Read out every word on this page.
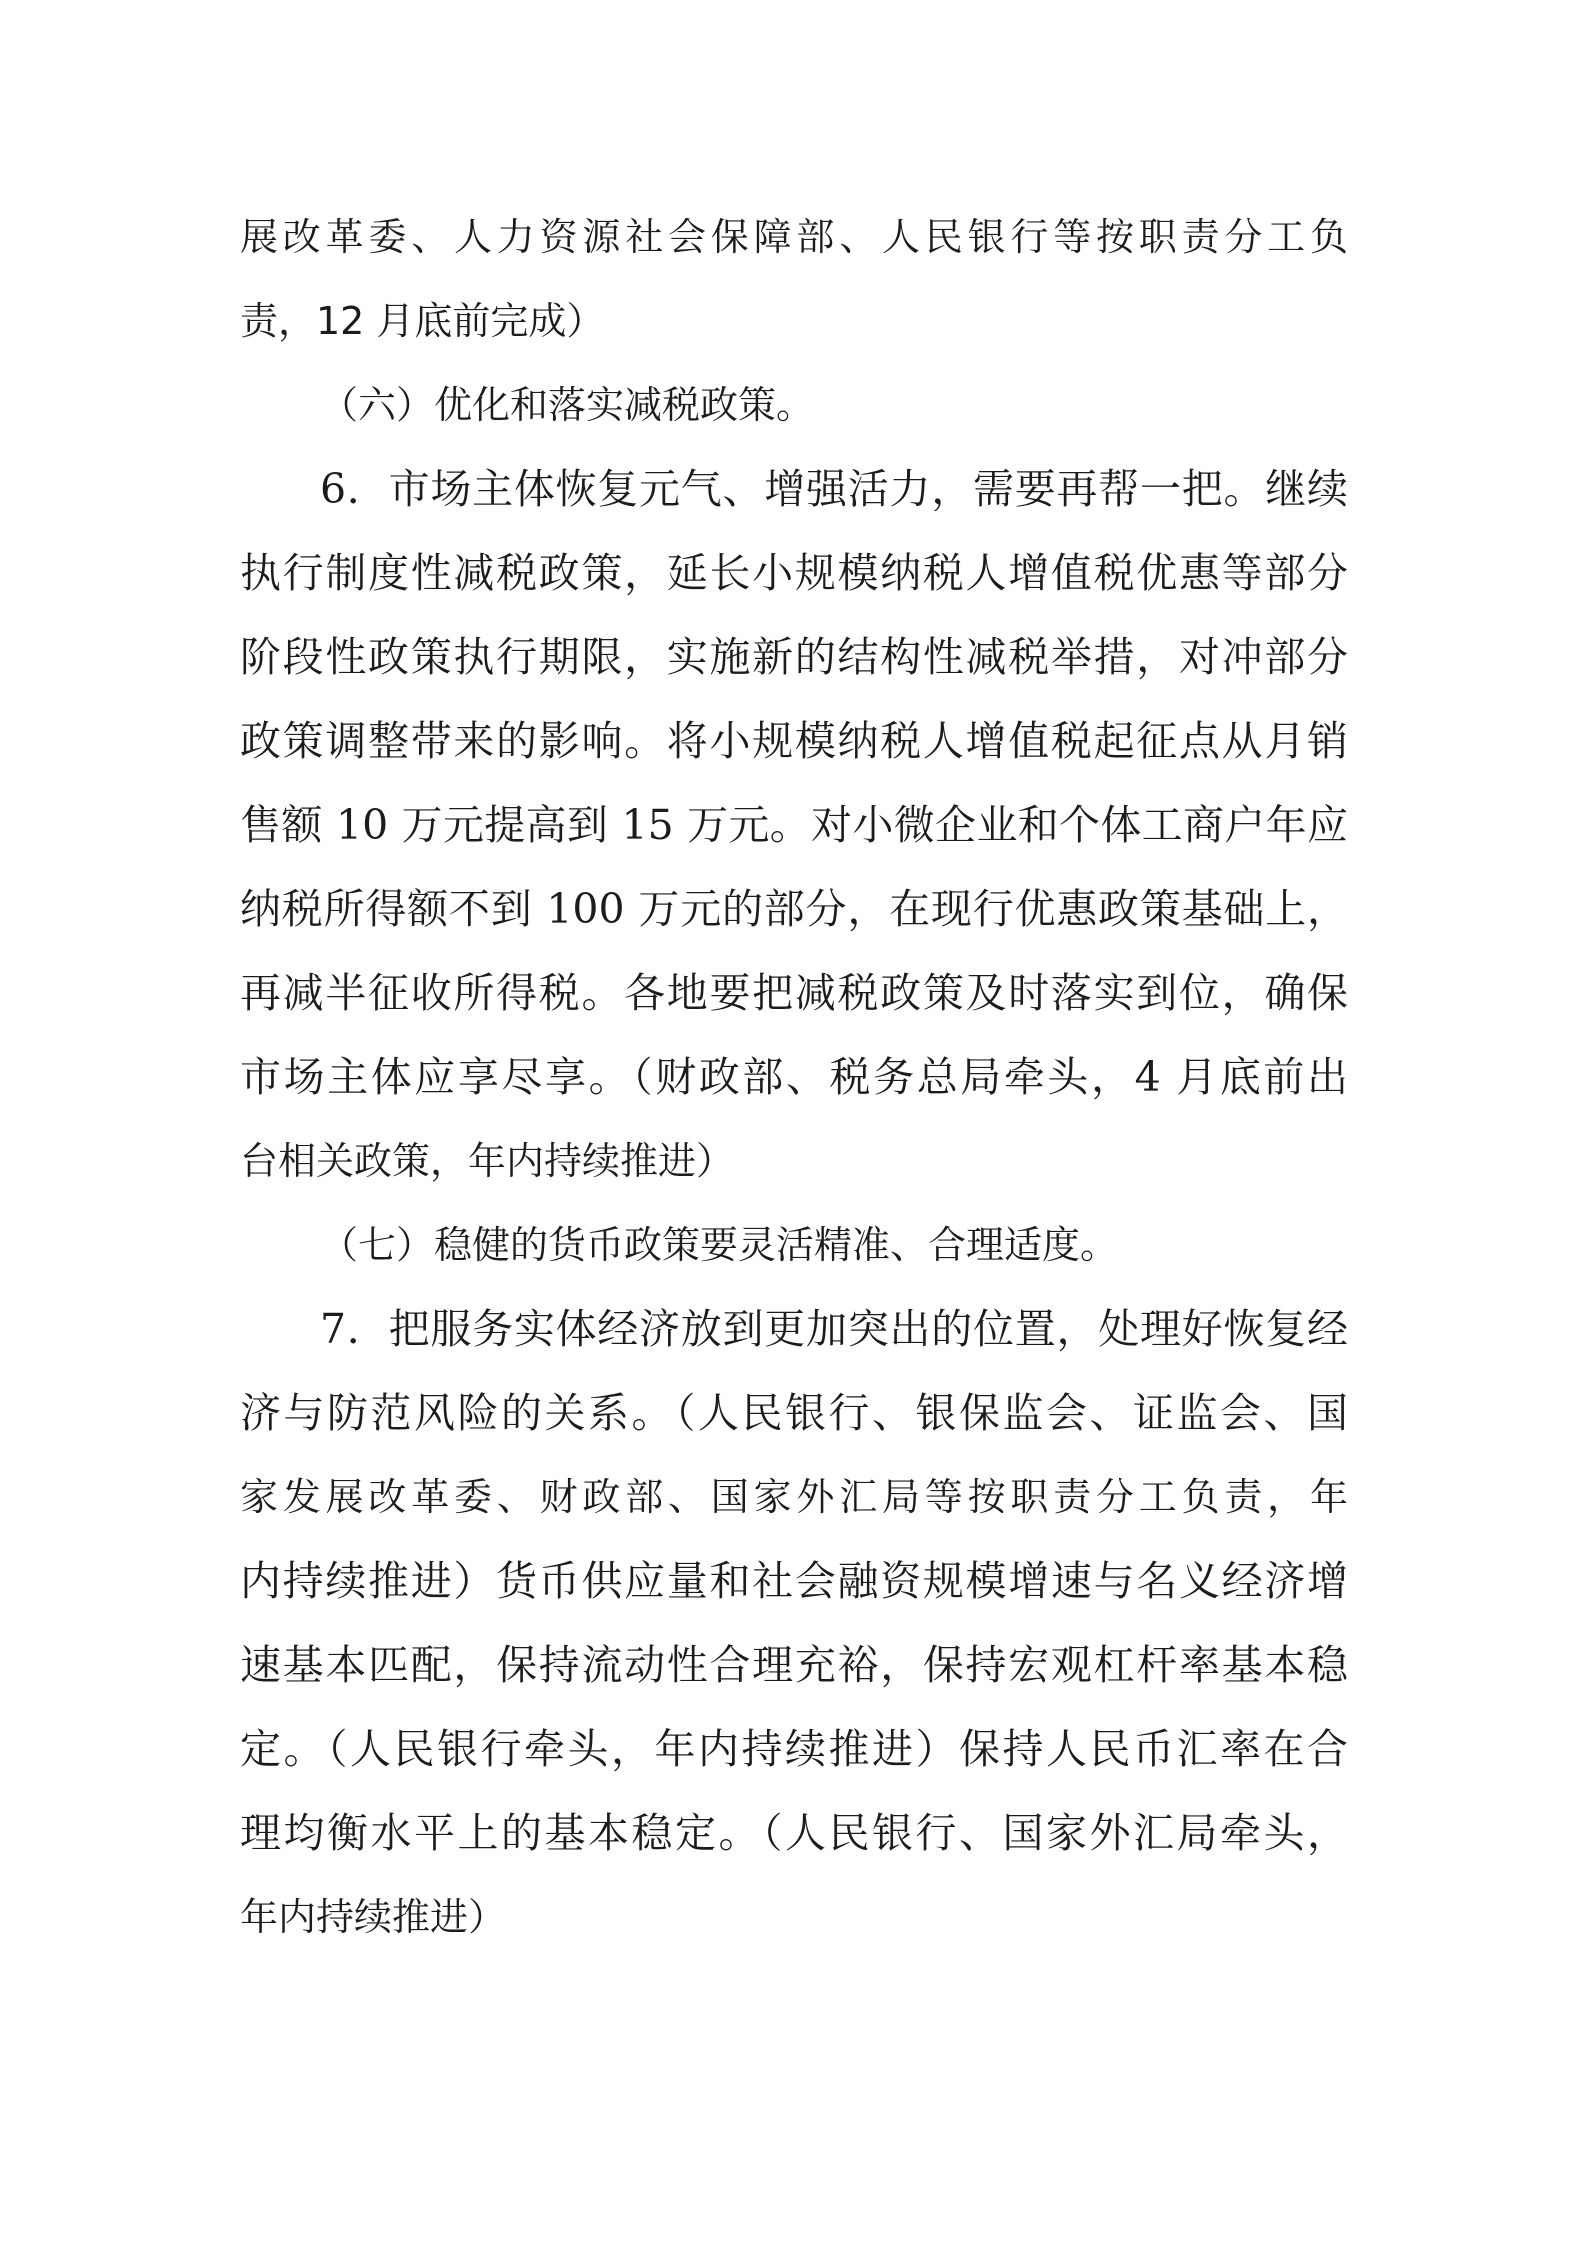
展改革委、人力资源社会保障部、人民银行等按职责分工负
责，12 月底前完成）
（六）优化和落实减税政策。
6．市场主体恢复元气、增强活力，需要再帮一把。继续
执行制度性减税政策，延长小规模纳税人增值税优惠等部分
阶段性政策执行期限，实施新的结构性减税举措，对冲部分
政策调整带来的影响。将小规模纳税人增值税起征点从月销
售额 10 万元提高到 15 万元。对小微企业和个体工商户年应
纳税所得额不到 100 万元的部分，在现行优惠政策基础上，
再减半征收所得税。各地要把减税政策及时落实到位，确保
市场主体应享尽享。（财政部、税务总局牵头，4 月底前出
台相关政策，年内持续推进）
（七）稳健的货币政策要灵活精准、合理适度。
7．把服务实体经济放到更加突出的位置，处理好恢复经
济与防范风险的关系。（人民银行、银保监会、证监会、国
家发展改革委、财政部、国家外汇局等按职责分工负责，年
内持续推进）货币供应量和社会融资规模增速与名义经济增
速基本匹配，保持流动性合理充裕，保持宏观杠杆率基本稳
定。（人民银行牵头，年内持续推进）保持人民币汇率在合
理均衡水平上的基本稳定。（人民银行、国家外汇局牵头，
年内持续推进）
